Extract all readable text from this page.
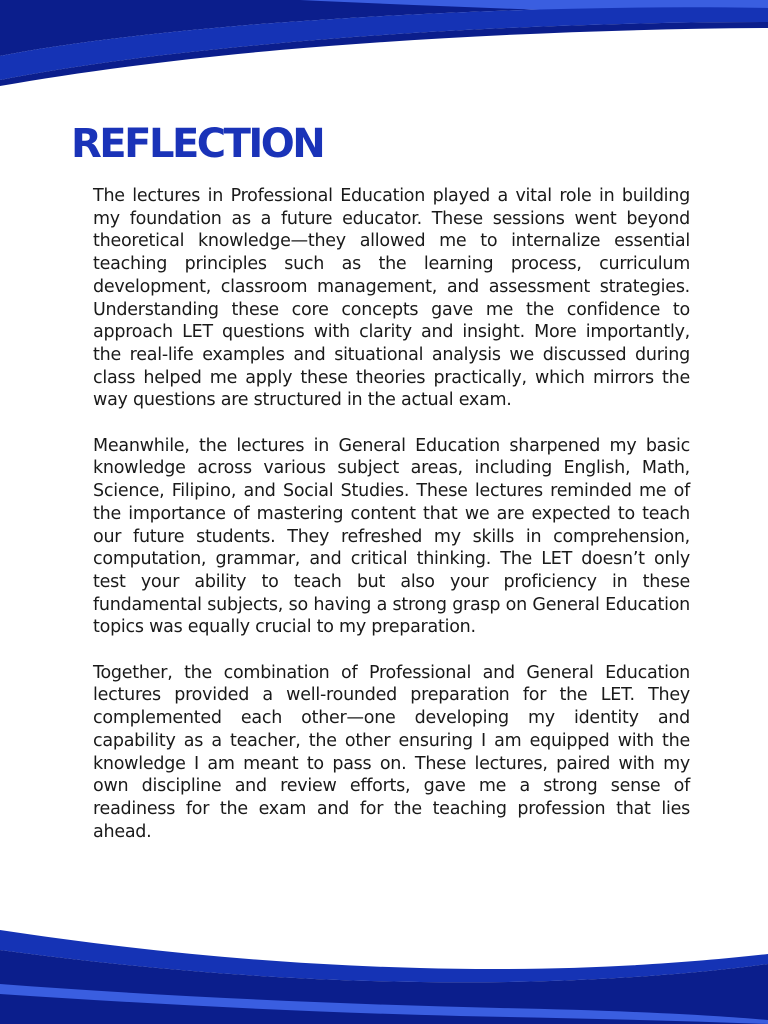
REFLECTION

The lectures in Professional Education played a vital role in building my foundation as a future educator. These sessions went beyond theoretical knowledge—they allowed me to internalize essential teaching principles such as the learning process, curriculum development, classroom management, and assessment strategies. Understanding these core concepts gave me the confidence to approach LET questions with clarity and insight. More importantly, the real-life examples and situational analysis we discussed during class helped me apply these theories practically, which mirrors the way questions are structured in the actual exam.

Meanwhile, the lectures in General Education sharpened my basic knowledge across various subject areas, including English, Math, Science, Filipino, and Social Studies. These lectures reminded me of the importance of mastering content that we are expected to teach our future students. They refreshed my skills in comprehension, computation, grammar, and critical thinking. The LET doesn’t only test your ability to teach but also your proficiency in these fundamental subjects, so having a strong grasp on General Education topics was equally crucial to my preparation.

Together, the combination of Professional and General Education lectures provided a well-rounded preparation for the LET. They complemented each other—one developing my identity and capability as a teacher, the other ensuring I am equipped with the knowledge I am meant to pass on. These lectures, paired with my own discipline and review efforts, gave me a strong sense of readiness for the exam and for the teaching profession that lies ahead.
